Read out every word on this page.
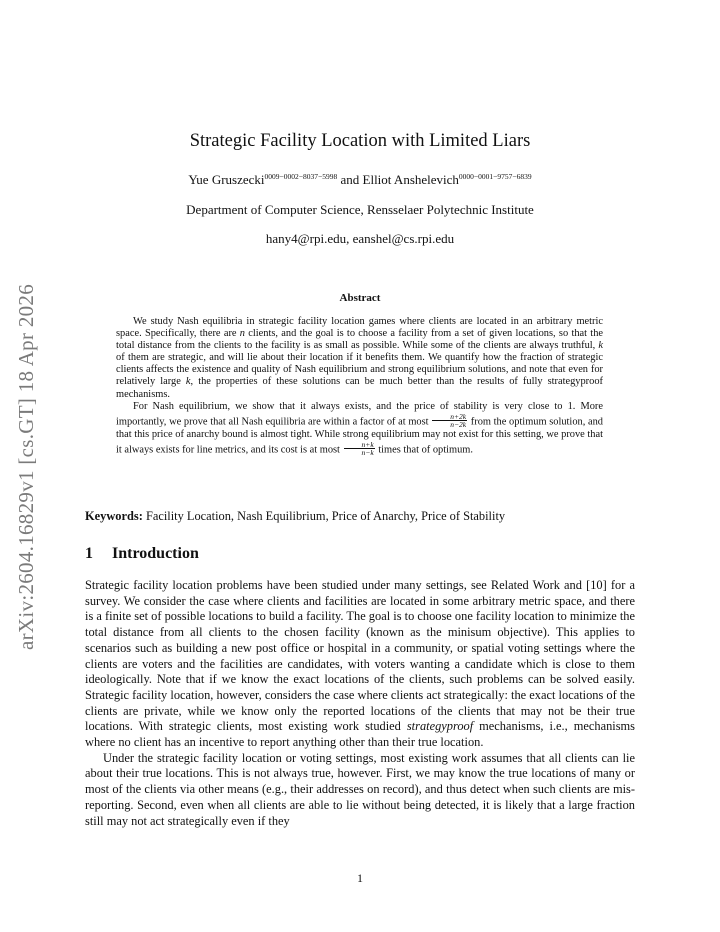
arXiv:2604.16829v1 [cs.GT] 18 Apr 2026
Strategic Facility Location with Limited Liars
Yue Gruszecki$^{0009-0002-8037-5998}$ and Elliot Anshelevich$^{0000-0001-9757-6839}$
Department of Computer Science, Rensselaer Polytechnic Institute
hany4@rpi.edu, eanshel@cs.rpi.edu
Abstract

We study Nash equilibria in strategic facility location games where clients are located in an arbitrary metric space. Specifically, there are n clients, and the goal is to choose a facility from a set of given locations, so that the total distance from the clients to the facility is as small as possible. While some of the clients are always truthful, k of them are strategic, and will lie about their location if it benefits them. We quantify how the fraction of strategic clients affects the existence and quality of Nash equilibrium and strong equilibrium solutions, and note that even for relatively large k, the properties of these solutions can be much better than the results of fully strategyproof mechanisms.

For Nash equilibrium, we show that it always exists, and the price of stability is very close to 1. More importantly, we prove that all Nash equilibria are within a factor of at most $\frac{n+2k}{n-2k}$ from the optimum solution, and that this price of anarchy bound is almost tight. While strong equilibrium may not exist for this setting, we prove that it always exists for line metrics, and its cost is at most $\frac{n+k}{n-k}$ times that of optimum.

Keywords: Facility Location, Nash Equilibrium, Price of Anarchy, Price of Stability
1 Introduction

Strategic facility location problems have been studied under many settings, see Related Work and [10] for a survey. We consider the case where clients and facilities are located in some arbitrary metric space, and there is a finite set of possible locations to build a facility. The goal is to choose one facility location to minimize the total distance from all clients to the chosen facility (known as the minisum objective). This applies to scenarios such as building a new post office or hospital in a community, or spatial voting settings where the clients are voters and the facilities are candidates, with voters wanting a candidate which is close to them ideologically. Note that if we know the exact locations of the clients, such problems can be solved easily. Strategic facility location, however, considers the case where clients act strategically: the exact locations of the clients are private, while we know only the reported locations of the clients that may not be their true locations. With strategic clients, most existing work studied strategyproof mechanisms, i.e., mechanisms where no client has an incentive to report anything other than their true location.

Under the strategic facility location or voting settings, most existing work assumes that all clients can lie about their true locations. This is not always true, however. First, we may know the true locations of many or most of the clients via other means (e.g., their addresses on record), and thus detect when such clients are mis-reporting. Second, even when all clients are able to lie without being detected, it is likely that a large fraction still may not act strategically even if they

1
